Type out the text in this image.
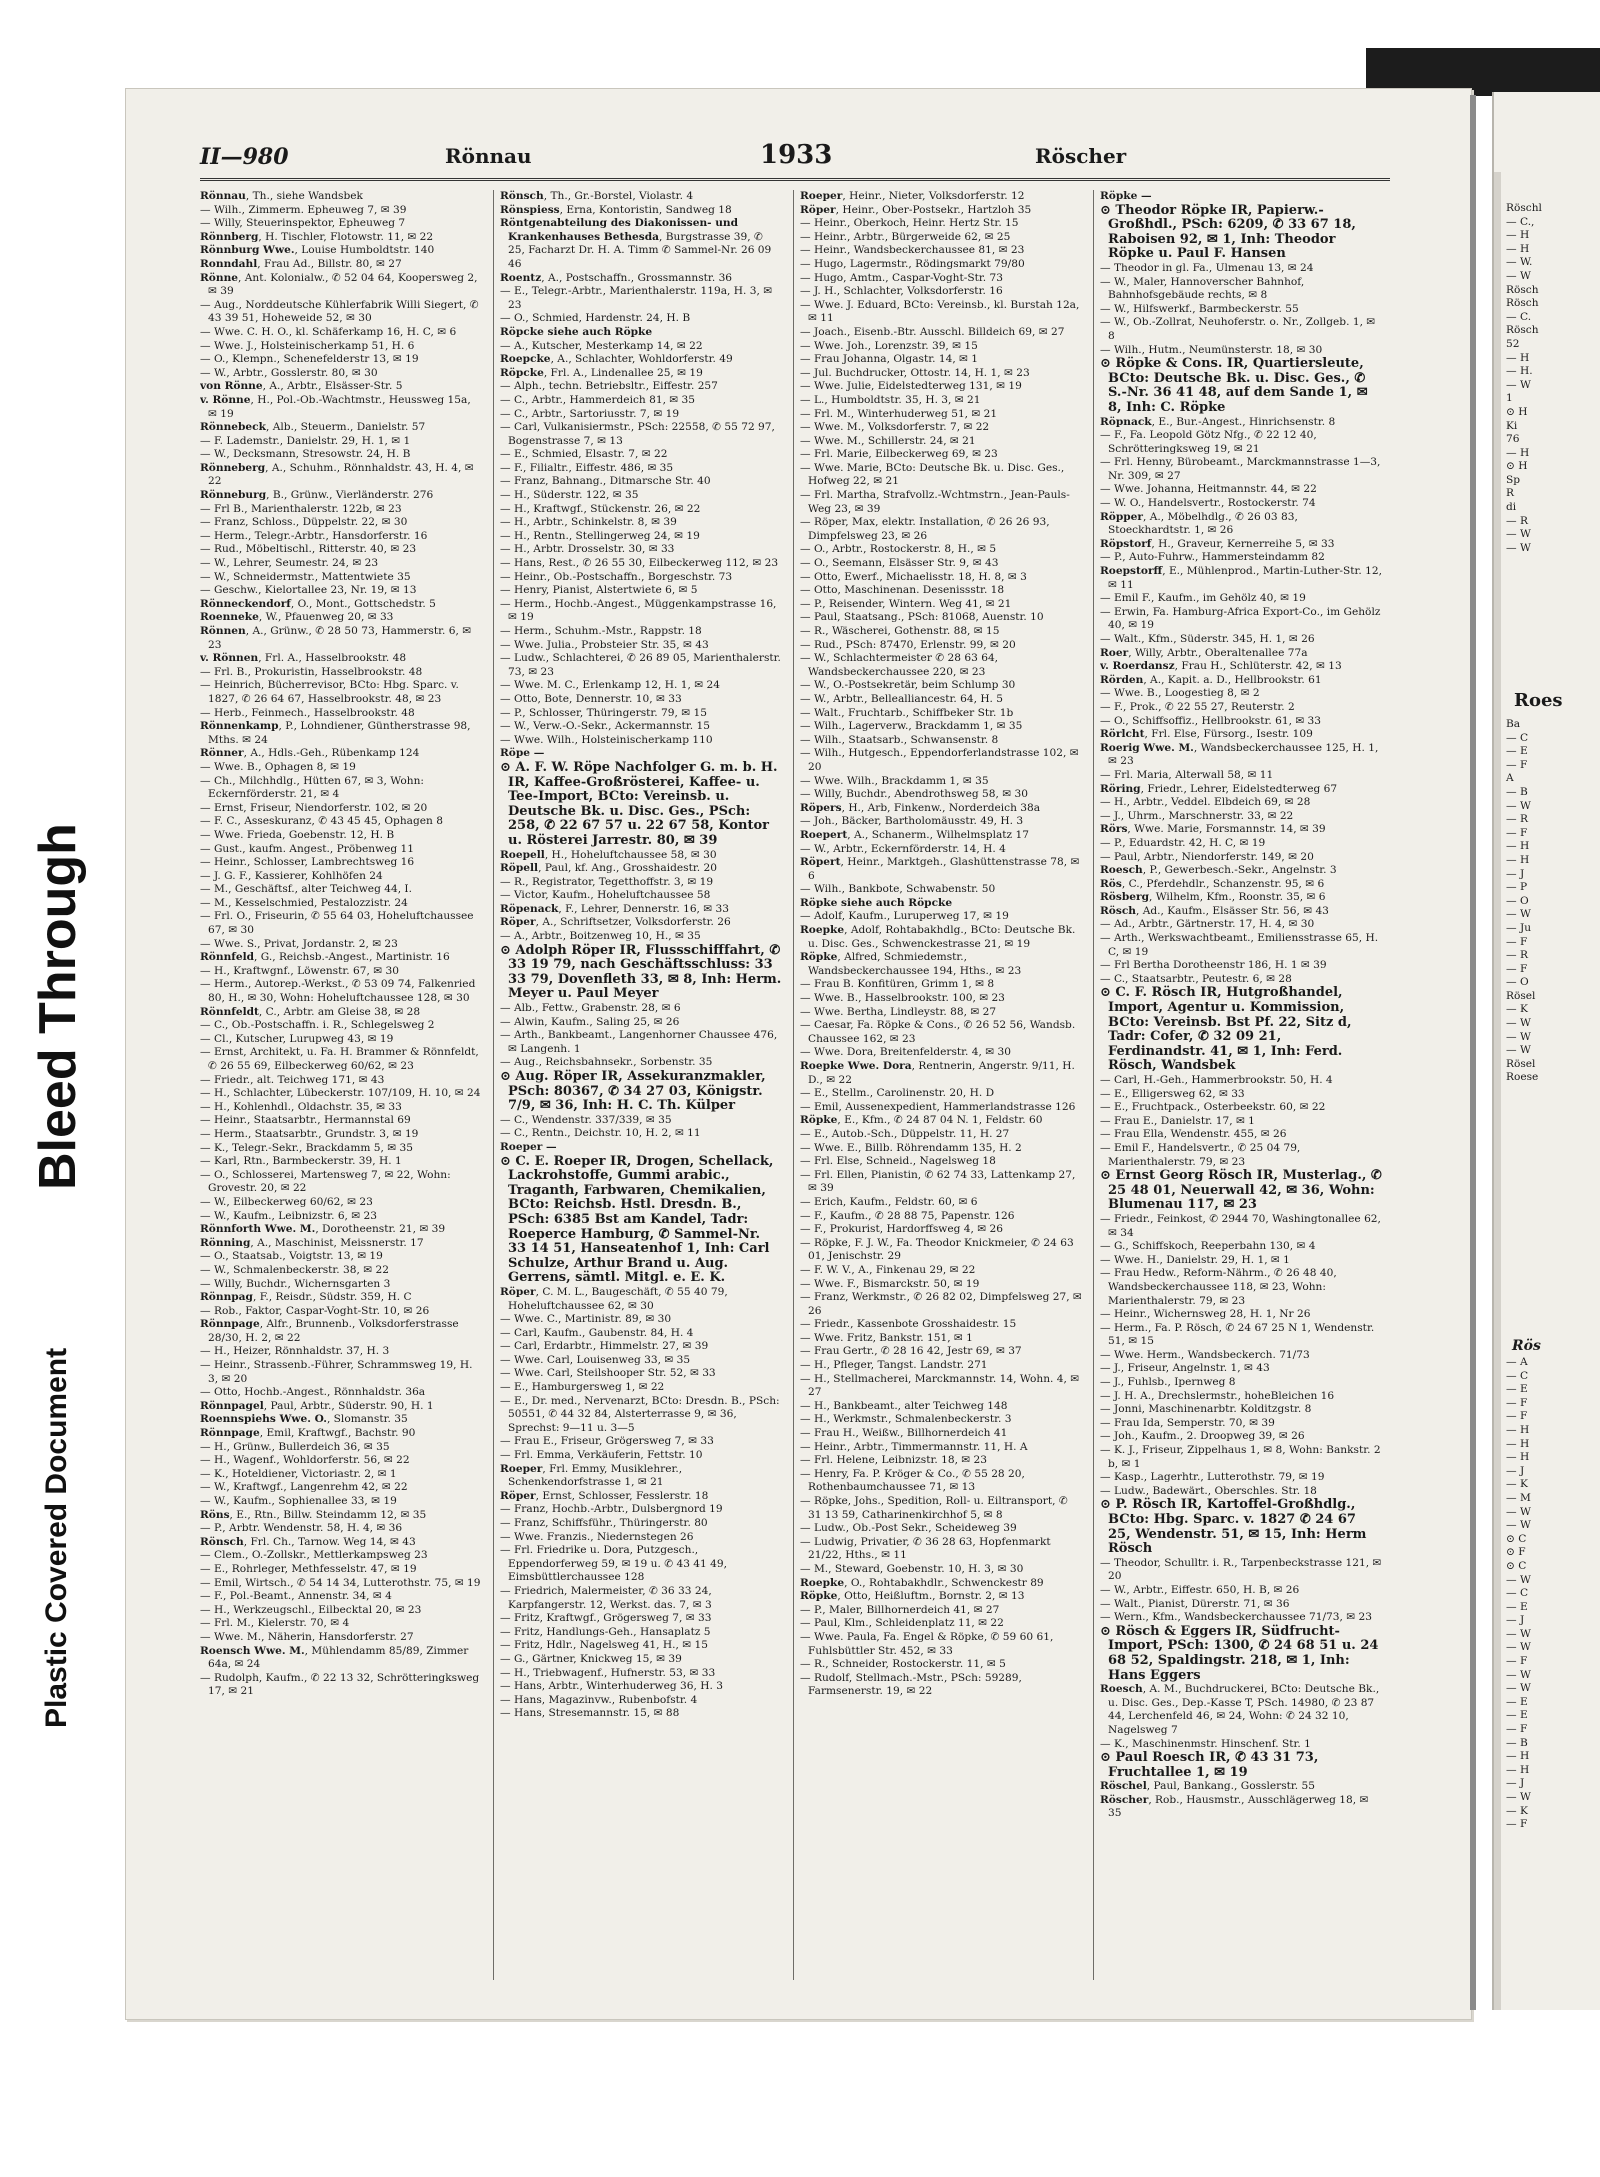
Bleed Through
Plastic Covered Document
Röschl
— C.,
— H
— H
— W.
— W
Rösch
Rösch
— C.
Rösch
52
— H
— H.
— W
1
⊙ H
Ki
76
— H
⊙ H
Sp
R
di
— R
— W
— W
Roes
Ba
— C
— E
— F
A
— B
— W
— R
— F
— H
— H
— J
— P
— O
— W
— Ju
— F
— R
— F
— O
Rösel
— K
— W
— W
— W
Rösel
Roese
Rös
— A
— C
— E
— F
— F
— H
— H
— H
— J
— K
— M
— W
— W
⊙ C
⊙ F
⊙ C
— W
— C
— E
— J
— W
— W
— F
— W
— W
— E
— E
— F
— B
— H
— H
— J
— W
— K
— F
II—980	Rönnau	1933	Röscher

Rönnau, Th., siehe Wandsbek

— Wilh., Zimmerm. Epheuweg 7, ✉ 39

— Willy, Steuerinspektor, Epheuweg 7

Rönnberg, H. Tischler, Flotowstr. 11, ✉ 22

Rönnburg Wwe., Louise Humboldtstr. 140

Ronndahl, Frau Ad., Billstr. 80, ✉ 27

Rönne, Ant. Kolonialw., ✆ 52 04 64, Koopersweg 2, ✉ 39

— Aug., Norddeutsche Kühlerfabrik Willi Siegert, ✆ 43 39 51, Hoheweide 52, ✉ 30

— Wwe. C. H. O., kl. Schäferkamp 16, H. C, ✉ 6

— Wwe. J., Holsteinischerkamp 51, H. 6

— O., Klempn., Schenefelderstr 13, ✉ 19

— W., Arbtr., Gosslerstr. 80, ✉ 30

von Rönne, A., Arbtr., Elsässer-Str. 5

v. Rönne, H., Pol.-Ob.-Wachtmstr., Heussweg 15a, ✉ 19

Rönnebeck, Alb., Steuerm., Danielstr. 57

— F. Lademstr., Danielstr. 29, H. 1, ✉ 1

— W., Decksmann, Stresowstr. 24, H. B

Rönneberg, A., Schuhm., Rönnhaldstr. 43, H. 4, ✉ 22

Rönneburg, B., Grünw., Vierländerstr. 276

— Frl B., Marienthalerstr. 122b, ✉ 23

— Franz, Schloss., Düppelstr. 22, ✉ 30

— Herm., Telegr.-Arbtr., Hansdorferstr. 16

— Rud., Möbeltischl., Ritterstr. 40, ✉ 23

— W., Lehrer, Seumestr. 24, ✉ 23

— W., Schneidermstr., Mattentwiete 35

— Geschw., Kielortallee 23, Nr. 19, ✉ 13

Rönneckendorf, O., Mont., Gottschedstr. 5

Roenneke, W., Pfauenweg 20, ✉ 33

Rönnen, A., Grünw., ✆ 28 50 73, Hammerstr. 6, ✉ 23

v. Rönnen, Frl. A., Hasselbrookstr. 48

— Frl. B., Prokuristin, Hasselbrookstr. 48

— Heinrich, Bücherrevisor, BCto: Hbg. Sparc. v. 1827, ✆ 26 64 67, Hasselbrookstr. 48, ✉ 23

— Herb., Feinmech., Hasselbrookstr. 48

Rönnenkamp, P., Lohndiener, Güntherstrasse 98, Mths. ✉ 24

Rönner, A., Hdls.-Geh., Rübenkamp 124

— Wwe. B., Ophagen 8, ✉ 19

— Ch., Milchhdlg., Hütten 67, ✉ 3, Wohn: Eckernförderstr. 21, ✉ 4

— Ernst, Friseur, Niendorferstr. 102, ✉ 20

— F. C., Asseskuranz, ✆ 43 45 45, Ophagen 8

— Wwe. Frieda, Goebenstr. 12, H. B

— Gust., kaufm. Angest., Pröbenweg 11

— Heinr., Schlosser, Lambrechtsweg 16

— J. G. F., Kassierer, Kohlhöfen 24

— M., Geschäftsf., alter Teichweg 44, I.

— M., Kesselschmied, Pestalozzistr. 24

— Frl. O., Friseurin, ✆ 55 64 03, Hoheluftchaussee 67, ✉ 30

— Wwe. S., Privat, Jordanstr. 2, ✉ 23

Rönnfeld, G., Reichsb.-Angest., Martinistr. 16

— H., Kraftwgnf., Löwenstr. 67, ✉ 30

— Herm., Autorep.-Werkst., ✆ 53 09 74, Falkenried 80, H., ✉ 30, Wohn: Hoheluftchaussee 128, ✉ 30

Rönnfeldt, C., Arbtr. am Gleise 38, ✉ 28

— C., Ob.-Postschaffn. i. R., Schlegelsweg 2

— Cl., Kutscher, Lurupweg 43, ✉ 19

— Ernst, Architekt, u. Fa. H. Brammer & Rönnfeldt, ✆ 26 55 69, Eilbeckerweg 60/62, ✉ 23

— Friedr., alt. Teichweg 171, ✉ 43

— H., Schlachter, Lübeckerstr. 107/109, H. 10, ✉ 24

— H., Kohlenhdl., Oldachstr. 35, ✉ 33

— Heinr., Staatsarbtr., Hermannstal 69

— Herm., Staatsarbtr., Grundstr. 3, ✉ 19

— K., Telegr.-Sekr., Brackdamm 5, ✉ 35

— Karl, Rtn., Barmbeckerstr. 39, H. 1

— O., Schlosserei, Martensweg 7, ✉ 22, Wohn: Grovestr. 20, ✉ 22

— W., Eilbeckerweg 60/62, ✉ 23

— W., Kaufm., Leibnizstr. 6, ✉ 23

Rönnforth Wwe. M., Dorotheenstr. 21, ✉ 39

Rönning, A., Maschinist, Meissnerstr. 17

— O., Staatsab., Voigtstr. 13, ✉ 19

— W., Schmalenbeckerstr. 38, ✉ 22

— Willy, Buchdr., Wichernsgarten 3

Rönnpag, F., Reisdr., Südstr. 359, H. C

— Rob., Faktor, Caspar-Voght-Str. 10, ✉ 26

Rönnpage, Alfr., Brunnenb., Volksdorferstrasse 28/30, H. 2, ✉ 22

— H., Heizer, Rönnhaldstr. 37, H. 3

— Heinr., Strassenb.-Führer, Schrammsweg 19, H. 3, ✉ 20

— Otto, Hochb.-Angest., Rönnhaldstr. 36a

Rönnpagel, Paul, Arbtr., Süderstr. 90, H. 1

Roennspiehs Wwe. O., Slomanstr. 35

Rönnpage, Emil, Kraftwgf., Bachstr. 90

— H., Grünw., Bullerdeich 36, ✉ 35

— H., Wagenf., Wohldorferstr. 56, ✉ 22

— K., Hoteldiener, Victoriastr. 2, ✉ 1

— W., Kraftwgf., Langenrehm 42, ✉ 22

— W., Kaufm., Sophienallee 33, ✉ 19

Röns, E., Rtn., Billw. Steindamm 12, ✉ 35

— P., Arbtr. Wendenstr. 58, H. 4, ✉ 36

Rönsch, Frl. Ch., Tarnow. Weg 14, ✉ 43

— Clem., O.-Zollskr., Mettlerkampsweg 23

— E., Rohrleger, Methfesselstr. 47, ✉ 19

— Emil, Wirtsch., ✆ 54 14 34, Lutterothstr. 75, ✉ 19

— F., Pol.-Beamt., Annenstr. 34, ✉ 4

— H., Werkzeugschl., Eilbecktal 20, ✉ 23

— Frl. M., Kielerstr. 70, ✉ 4

— Wwe. M., Näherin, Hansdorferstr. 27

Roensch Wwe. M., Mühlendamm 85/89, Zimmer 64a, ✉ 24

— Rudolph, Kaufm., ✆ 22 13 32, Schrötteringksweg 17, ✉ 21

Rönsch, Th., Gr.-Borstel, Violastr. 4

Rönspiess, Erna, Kontoristin, Sandweg 18

Röntgenabteilung des Diakonissen- und Krankenhauses Bethesda, Burgstrasse 39, ✆ 25, Facharzt Dr. H. A. Timm ✆ Sammel-Nr. 26 09 46

Roentz, A., Postschaffn., Grossmannstr. 36

— E., Telegr.-Arbtr., Marienthalerstr. 119a, H. 3, ✉ 23

— O., Schmied, Hardenstr. 24, H. B

Röpcke siehe auch Röpke

— A., Kutscher, Mesterkamp 14, ✉ 22

Roepcke, A., Schlachter, Wohldorferstr. 49

Röpcke, Frl. A., Lindenallee 25, ✉ 19

— Alph., techn. Betriebsltr., Eiffestr. 257

— C., Arbtr., Hammerdeich 81, ✉ 35

— C., Arbtr., Sartoriusstr. 7, ✉ 19

— Carl, Vulkanisiermstr., PSch: 22558, ✆ 55 72 97, Bogenstrasse 7, ✉ 13

— E., Schmied, Elsastr. 7, ✉ 22

— F., Filialtr., Eiffestr. 486, ✉ 35

— Franz, Bahnang., Ditmarsche Str. 40

— H., Süderstr. 122, ✉ 35

— H., Kraftwgf., Stückenstr. 26, ✉ 22

— H., Arbtr., Schinkelstr. 8, ✉ 39

— H., Rentn., Stellingerweg 24, ✉ 19

— H., Arbtr. Drosselstr. 30, ✉ 33

— Hans, Rest., ✆ 26 55 30, Eilbeckerweg 112, ✉ 23

— Heinr., Ob.-Postschaffn., Borgeschstr. 73

— Henry, Pianist, Alstertwiete 6, ✉ 5

— Herm., Hochb.-Angest., Müggenkampstrasse 16, ✉ 19

— Herm., Schuhm.-Mstr., Rappstr. 18

— Wwe. Julia., Probsteier Str. 35, ✉ 43

— Ludw., Schlachterei, ✆ 26 89 05, Marienthalerstr. 73, ✉ 23

— Wwe. M. C., Erlenkamp 12, H. 1, ✉ 24

— Otto, Bote, Dennerstr. 10, ✉ 33

— P., Schlosser, Thüringerstr. 79, ✉ 15

— W., Verw.-O.-Sekr., Ackermannstr. 15

— Wwe. Wilh., Holsteinischerkamp 110

Röpe —

⊙ A. F. W. Röpe Nachfolger G. m. b. H. IR, Kaffee-Großrösterei, Kaffee- u. Tee-Import, BCto: Vereinsb. u. Deutsche Bk. u. Disc. Ges., PSch: 258, ✆ 22 67 57 u. 22 67 58, Kontor u. Rösterei Jarrestr. 80, ✉ 39

Roepell, H., Hoheluftchaussee 58, ✉ 30

Röpell, Paul, kf. Ang., Grosshaidestr. 20

— R., Registrator, Tegetthoffstr. 3, ✉ 19

— Victor, Kaufm., Hoheluftchaussee 58

Röpenack, F., Lehrer, Dennerstr. 16, ✉ 33

Röper, A., Schriftsetzer, Volksdorferstr. 26

— A., Arbtr., Boitzenweg 10, H., ✉ 35

⊙ Adolph Röper IR, Flussschifffahrt, ✆ 33 19 79, nach Geschäftsschluss: 33 33 79, Dovenfleth 33, ✉ 8, Inh: Herm. Meyer u. Paul Meyer

— Alb., Fettw., Grabenstr. 28, ✉ 6

— Alwin, Kaufm., Saling 25, ✉ 26

— Arth., Bankbeamt., Langenhorner Chaussee 476, ✉ Langenh. 1

— Aug., Reichsbahnsekr., Sorbenstr. 35

⊙ Aug. Röper IR, Assekuranzmakler, PSch: 80367, ✆ 34 27 03, Königstr. 7/9, ✉ 36, Inh: H. C. Th. Külper

— C., Wendenstr. 337/339, ✉ 35

— C., Rentn., Deichstr. 10, H. 2, ✉ 11

Roeper —

⊙ C. E. Roeper IR, Drogen, Schellack, Lackrohstoffe, Gummi arabic., Traganth, Farbwaren, Chemikalien, BCto: Reichsb. Hstl. Dresdn. B., PSch: 6385 Bst am Kandel, Tadr: Roeperce Hamburg, ✆ Sammel-Nr. 33 14 51, Hanseatenhof 1, Inh: Carl Schulze, Arthur Brand u. Aug. Gerrens, sämtl. Mitgl. e. E. K.

Röper, C. M. L., Baugeschäft, ✆ 55 40 79, Hoheluftchaussee 62, ✉ 30

— Wwe. C., Martinistr. 89, ✉ 30

— Carl, Kaufm., Gaubenstr. 84, H. 4

— Carl, Erdarbtr., Himmelstr. 27, ✉ 39

— Wwe. Carl, Louisenweg 33, ✉ 35

— Wwe. Carl, Steilshooper Str. 52, ✉ 33

— E., Hamburgersweg 1, ✉ 22

— E., Dr. med., Nervenarzt, BCto: Dresdn. B., PSch: 50551, ✆ 44 32 84, Alsterterrasse 9, ✉ 36, Sprechst: 9—11 u. 3—5

— Frau E., Friseur, Grögersweg 7, ✉ 33

— Frl. Emma, Verkäuferin, Fettstr. 10

Roeper, Frl. Emmy, Musiklehrer., Schenkendorfstrasse 1, ✉ 21

Röper, Ernst, Schlosser, Fesslerstr. 18

— Franz, Hochb.-Arbtr., Dulsbergnord 19

— Franz, Schiffsführ., Thüringerstr. 80

— Wwe. Franzis., Niedernstegen 26

— Frl. Friedrike u. Dora, Putzgesch., Eppendorferweg 59, ✉ 19 u. ✆ 43 41 49, Eimsbüttlerchaussee 128

— Friedrich, Malermeister, ✆ 36 33 24, Karpfangerstr. 12, Werkst. das. 7, ✉ 3

— Fritz, Kraftwgf., Grögersweg 7, ✉ 33

— Fritz, Handlungs-Geh., Hansaplatz 5

— Fritz, Hdlr., Nagelsweg 41, H., ✉ 15

— G., Gärtner, Knickweg 15, ✉ 39

— H., Triebwagenf., Hufnerstr. 53, ✉ 33

— Hans, Arbtr., Winterhuderweg 36, H. 3

— Hans, Magazinvw., Rubenbofstr. 4

— Hans, Stresemannstr. 15, ✉ 88

Roeper, Heinr., Nieter, Volksdorferstr. 12

Röper, Heinr., Ober-Postsekr., Hartzloh 35

— Heinr., Oberkoch, Heinr. Hertz Str. 15

— Heinr., Arbtr., Bürgerweide 62, ✉ 25

— Heinr., Wandsbeckerchaussee 81, ✉ 23

— Hugo, Lagermstr., Rödingsmarkt 79/80

— Hugo, Amtm., Caspar-Voght-Str. 73

— J. H., Schlachter, Volksdorferstr. 16

— Wwe. J. Eduard, BCto: Vereinsb., kl. Burstah 12a, ✉ 11

— Joach., Eisenb.-Btr. Ausschl. Billdeich 69, ✉ 27

— Wwe. Joh., Lorenzstr. 39, ✉ 15

— Frau Johanna, Olgastr. 14, ✉ 1

— Jul. Buchdrucker, Ottostr. 14, H. 1, ✉ 23

— Wwe. Julie, Eidelstedterweg 131, ✉ 19

— L., Humboldtstr. 35, H. 3, ✉ 21

— Frl. M., Winterhuderweg 51, ✉ 21

— Wwe. M., Volksdorferstr. 7, ✉ 22

— Wwe. M., Schillerstr. 24, ✉ 21

— Frl. Marie, Eilbeckerweg 69, ✉ 23

— Wwe. Marie, BCto: Deutsche Bk. u. Disc. Ges., Hofweg 22, ✉ 21

— Frl. Martha, Strafvollz.-Wchtmstrn., Jean-Pauls-Weg 23, ✉ 39

— Röper, Max, elektr. Installation, ✆ 26 26 93, Dimpfelsweg 23, ✉ 26

— O., Arbtr., Rostockerstr. 8, H., ✉ 5

— O., Seemann, Elsässer Str. 9, ✉ 43

— Otto, Ewerf., Michaelisstr. 18, H. 8, ✉ 3

— Otto, Maschinenan. Desenissstr. 18

— P., Reisender, Wintern. Weg 41, ✉ 21

— Paul, Staatsang., PSch: 81068, Auenstr. 10

— R., Wäscherei, Gothenstr. 88, ✉ 15

— Rud., PSch: 87470, Erlenstr. 99, ✉ 20

— W., Schlachtermeister ✆ 28 63 64, Wandsbeckerchaussee 220, ✉ 23

— W., O.-Postsekretär, beim Schlump 30

— W., Arbtr., Bellealliancestr. 64, H. 5

— Walt., Fruchtarb., Schiffbeker Str. 1b

— Wilh., Lagerverw., Brackdamm 1, ✉ 35

— Wilh., Staatsarb., Schwansenstr. 8

— Wilh., Hutgesch., Eppendorferlandstrasse 102, ✉ 20

— Wwe. Wilh., Brackdamm 1, ✉ 35

— Willy, Buchdr., Abendrothsweg 58, ✉ 30

Röpers, H., Arb, Finkenw., Norderdeich 38a

— Joh., Bäcker, Bartholomäusstr. 49, H. 3

Roepert, A., Schanerm., Wilhelmsplatz 17

— W., Arbtr., Eckernförderstr. 14, H. 4

Röpert, Heinr., Marktgeh., Glashüttenstrasse 78, ✉ 6

— Wilh., Bankbote, Schwabenstr. 50

Röpke siehe auch Röpcke

— Adolf, Kaufm., Luruperweg 17, ✉ 19

Roepke, Adolf, Rohtabakhdlg., BCto: Deutsche Bk. u. Disc. Ges., Schwenckestrasse 21, ✉ 19

Röpke, Alfred, Schmiedemstr., Wandsbeckerchaussee 194, Hths., ✉ 23

— Frau B. Konfitüren, Grimm 1, ✉ 8

— Wwe. B., Hasselbrookstr. 100, ✉ 23

— Wwe. Bertha, Lindleystr. 88, ✉ 27

— Caesar, Fa. Röpke & Cons., ✆ 26 52 56, Wandsb. Chaussee 162, ✉ 23

— Wwe. Dora, Breitenfelderstr. 4, ✉ 30

Roepke Wwe. Dora, Rentnerin, Angerstr. 9/11, H. D., ✉ 22

— E., Stellm., Carolinenstr. 20, H. D

— Emil, Aussenexpedient, Hammerlandstrasse 126

Röpke, E., Kfm., ✆ 24 87 04 N. 1, Feldstr. 60

— E., Autob.-Sch., Düppelstr. 11, H. 27

— Wwe. E., Billb. Röhrendamm 135, H. 2

— Frl. Else, Schneid., Nagelsweg 18

— Frl. Ellen, Pianistin, ✆ 62 74 33, Lattenkamp 27, ✉ 39

— Erich, Kaufm., Feldstr. 60, ✉ 6

— F., Kaufm., ✆ 28 88 75, Papenstr. 126

— F., Prokurist, Hardorffsweg 4, ✉ 26

— Röpke, F. J. W., Fa. Theodor Knickmeier, ✆ 24 63 01, Jenischstr. 29

— F. W. V., A., Finkenau 29, ✉ 22

— Wwe. F., Bismarckstr. 50, ✉ 19

— Franz, Werkmstr., ✆ 26 82 02, Dimpfelsweg 27, ✉ 26

— Friedr., Kassenbote Grosshaidestr. 15

— Wwe. Fritz, Bankstr. 151, ✉ 1

— Frau Gertr., ✆ 28 16 42, Jestr 69, ✉ 37

— H., Pfleger, Tangst. Landstr. 271

— H., Stellmacherei, Marckmannstr. 14, Wohn. 4, ✉ 27

— H., Bankbeamt., alter Teichweg 148

— H., Werkmstr., Schmalenbeckerstr. 3

— Frau H., Weißw., Billhornerdeich 41

— Heinr., Arbtr., Timmermannstr. 11, H. A

— Frl. Helene, Leibnizstr. 18, ✉ 23

— Henry, Fa. P. Kröger & Co., ✆ 55 28 20, Rothenbaumchaussee 71, ✉ 13

— Röpke, Johs., Spedition, Roll- u. Eiltransport, ✆ 31 13 59, Catharinenkirchhof 5, ✉ 8

— Ludw., Ob.-Post Sekr., Scheideweg 39

— Ludwig, Privatier, ✆ 36 28 63, Hopfenmarkt 21/22, Hths., ✉ 11

— M., Steward, Goebenstr. 10, H. 3, ✉ 30

Roepke, O., Rohtabakhdlr., Schwenckestr 89

Röpke, Otto, Heißluftm., Bornstr. 2, ✉ 13

— P., Maler, Billhornerdeich 41, ✉ 27

— Paul, Klm., Schleidenplatz 11, ✉ 22

— Wwe. Paula, Fa. Engel & Röpke, ✆ 59 60 61, Fuhlsbüttler Str. 452, ✉ 33

— R., Schneider, Rostockerstr. 11, ✉ 5

— Rudolf, Stellmach.-Mstr., PSch: 59289, Farmsenerstr. 19, ✉ 22

Röpke —

⊙ Theodor Röpke IR, Papierw.-Großhdl., PSch: 6209, ✆ 33 67 18, Raboisen 92, ✉ 1, Inh: Theodor Röpke u. Paul F. Hansen

— Theodor in gl. Fa., Ulmenau 13, ✉ 24

— W., Maler, Hannoverscher Bahnhof, Bahnhofsgebäude rechts, ✉ 8

— W., Hilfswerkf., Barmbeckerstr. 55

— W., Ob.-Zollrat, Neuhoferstr. o. Nr., Zollgeb. 1, ✉ 8

— Wilh., Hutm., Neumünsterstr. 18, ✉ 30

⊙ Röpke & Cons. IR, Quartiersleute, BCto: Deutsche Bk. u. Disc. Ges., ✆ S.-Nr. 36 41 48, auf dem Sande 1, ✉ 8, Inh: C. Röpke

Röpnack, E., Bur.-Angest., Hinrichsenstr. 8

— F., Fa. Leopold Götz Nfg., ✆ 22 12 40, Schrötteringksweg 19, ✉ 21

— Frl. Henny, Bürobeamt., Marckmannstrasse 1—3, Nr. 309, ✉ 27

— Wwe. Johanna, Heitmannstr. 44, ✉ 22

— W. O., Handelsvertr., Rostockerstr. 74

Röpper, A., Möbelhdlg., ✆ 26 03 83, Stoeckhardtstr. 1, ✉ 26

Röpstorf, H., Graveur, Kernerreihe 5, ✉ 33

— P., Auto-Fuhrw., Hammersteindamm 82

Roepstorff, E., Mühlenprod., Martin-Luther-Str. 12, ✉ 11

— Emil F., Kaufm., im Gehölz 40, ✉ 19

— Erwin, Fa. Hamburg-Africa Export-Co., im Gehölz 40, ✉ 19

— Walt., Kfm., Süderstr. 345, H. 1, ✉ 26

Roer, Willy, Arbtr., Oberaltenallee 77a

v. Roerdansz, Frau H., Schlüterstr. 42, ✉ 13

Rörden, A., Kapit. a. D., Hellbrookstr. 61

— Wwe. B., Loogestieg 8, ✉ 2

— F., Prok., ✆ 22 55 27, Reuterstr. 2

— O., Schiffsoffiz., Hellbrookstr. 61, ✉ 33

Rörlcht, Frl. Else, Fürsorg., Isestr. 109

Roerig Wwe. M., Wandsbeckerchaussee 125, H. 1, ✉ 23

— Frl. Maria, Alterwall 58, ✉ 11

Röring, Friedr., Lehrer, Eidelstedterweg 67

— H., Arbtr., Veddel. Elbdeich 69, ✉ 28

— J., Uhrm., Marschnerstr. 33, ✉ 22

Rörs, Wwe. Marie, Forsmannstr. 14, ✉ 39

— P., Eduardstr. 42, H. C, ✉ 19

— Paul, Arbtr., Niendorferstr. 149, ✉ 20

Roesch, P., Gewerbesch.-Sekr., Angelnstr. 3

Rös, C., Pferdehdlr., Schanzenstr. 95, ✉ 6

Rösberg, Wilhelm, Kfm., Roonstr. 35, ✉ 6

Rösch, Ad., Kaufm., Elsässer Str. 56, ✉ 43

— Ad., Arbtr., Gärtnerstr. 17, H. 4, ✉ 30

— Arth., Werkswachtbeamt., Emiliensstrasse 65, H. C, ✉ 19

— Frl Bertha Dorotheenstr 186, H. 1 ✉ 39

— C., Staatsarbtr., Peutestr. 6, ✉ 28

⊙ C. F. Rösch IR, Hutgroßhandel, Import, Agentur u. Kommission, BCto: Vereinsb. Bst Pf. 22, Sitz d, Tadr: Cofer, ✆ 32 09 21, Ferdinandstr. 41, ✉ 1, Inh: Ferd. Rösch, Wandsbek

— Carl, H.-Geh., Hammerbrookstr. 50, H. 4

— E., Elligersweg 62, ✉ 33

— E., Fruchtpack., Osterbeekstr. 60, ✉ 22

— Frau E., Danielstr. 17, ✉ 1

— Frau Ella, Wendenstr. 455, ✉ 26

— Emil F., Handelsvertr., ✆ 25 04 79, Marienthalerstr. 79, ✉ 23

⊙ Ernst Georg Rösch IR, Musterlag., ✆ 25 48 01, Neuerwall 42, ✉ 36, Wohn: Blumenau 117, ✉ 23

— Friedr., Feinkost, ✆ 2944 70, Washingtonallee 62, ✉ 34

— G., Schiffskoch, Reeperbahn 130, ✉ 4

— Wwe. H., Danielstr. 29, H. 1, ✉ 1

— Frau Hedw., Reform-Nährm., ✆ 26 48 40, Wandsbeckerchaussee 118, ✉ 23, Wohn: Marienthalerstr. 79, ✉ 23

— Heinr., Wichernsweg 28, H. 1, Nr 26

— Herm., Fa. P. Rösch, ✆ 24 67 25 N 1, Wendenstr. 51, ✉ 15

— Wwe. Herm., Wandsbeckerch. 71/73

— J., Friseur, Angelnstr. 1, ✉ 43

— J., Fuhlsb., Ipernweg 8

— J. H. A., Drechslermstr., hoheBleichen 16

— Jonni, Maschinenarbtr. Kolditzgstr. 8

— Frau Ida, Semperstr. 70, ✉ 39

— Joh., Kaufm., 2. Droopweg 39, ✉ 26

— K. J., Friseur, Zippelhaus 1, ✉ 8, Wohn: Bankstr. 2 b, ✉ 1

— Kasp., Lagerhtr., Lutterothstr. 79, ✉ 19

— Ludw., Badewärt., Oberschles. Str. 18

⊙ P. Rösch IR, Kartoffel-Großhdlg., BCto: Hbg. Sparc. v. 1827 ✆ 24 67 25, Wendenstr. 51, ✉ 15, Inh: Herm Rösch

— Theodor, Schulltr. i. R., Tarpenbeckstrasse 121, ✉ 20

— W., Arbtr., Eiffestr. 650, H. B, ✉ 26

— Walt., Pianist, Dürerstr. 71, ✉ 36

— Wern., Kfm., Wandsbeckerchaussee 71/73, ✉ 23

⊙ Rösch & Eggers IR, Südfrucht-Import, PSch: 1300, ✆ 24 68 51 u. 24 68 52, Spaldingstr. 218, ✉ 1, Inh: Hans Eggers

Roesch, A. M., Buchdruckerei, BCto: Deutsche Bk., u. Disc. Ges., Dep.-Kasse T, PSch. 14980, ✆ 23 87 44, Lerchenfeld 46, ✉ 24, Wohn: ✆ 24 32 10, Nagelsweg 7

— K., Maschinenmstr. Hinschenf. Str. 1

⊙ Paul Roesch IR, ✆ 43 31 73, Fruchtallee 1, ✉ 19

Röschel, Paul, Bankang., Gosslerstr. 55

Röscher, Rob., Hausmstr., Ausschlägerweg 18, ✉ 35
